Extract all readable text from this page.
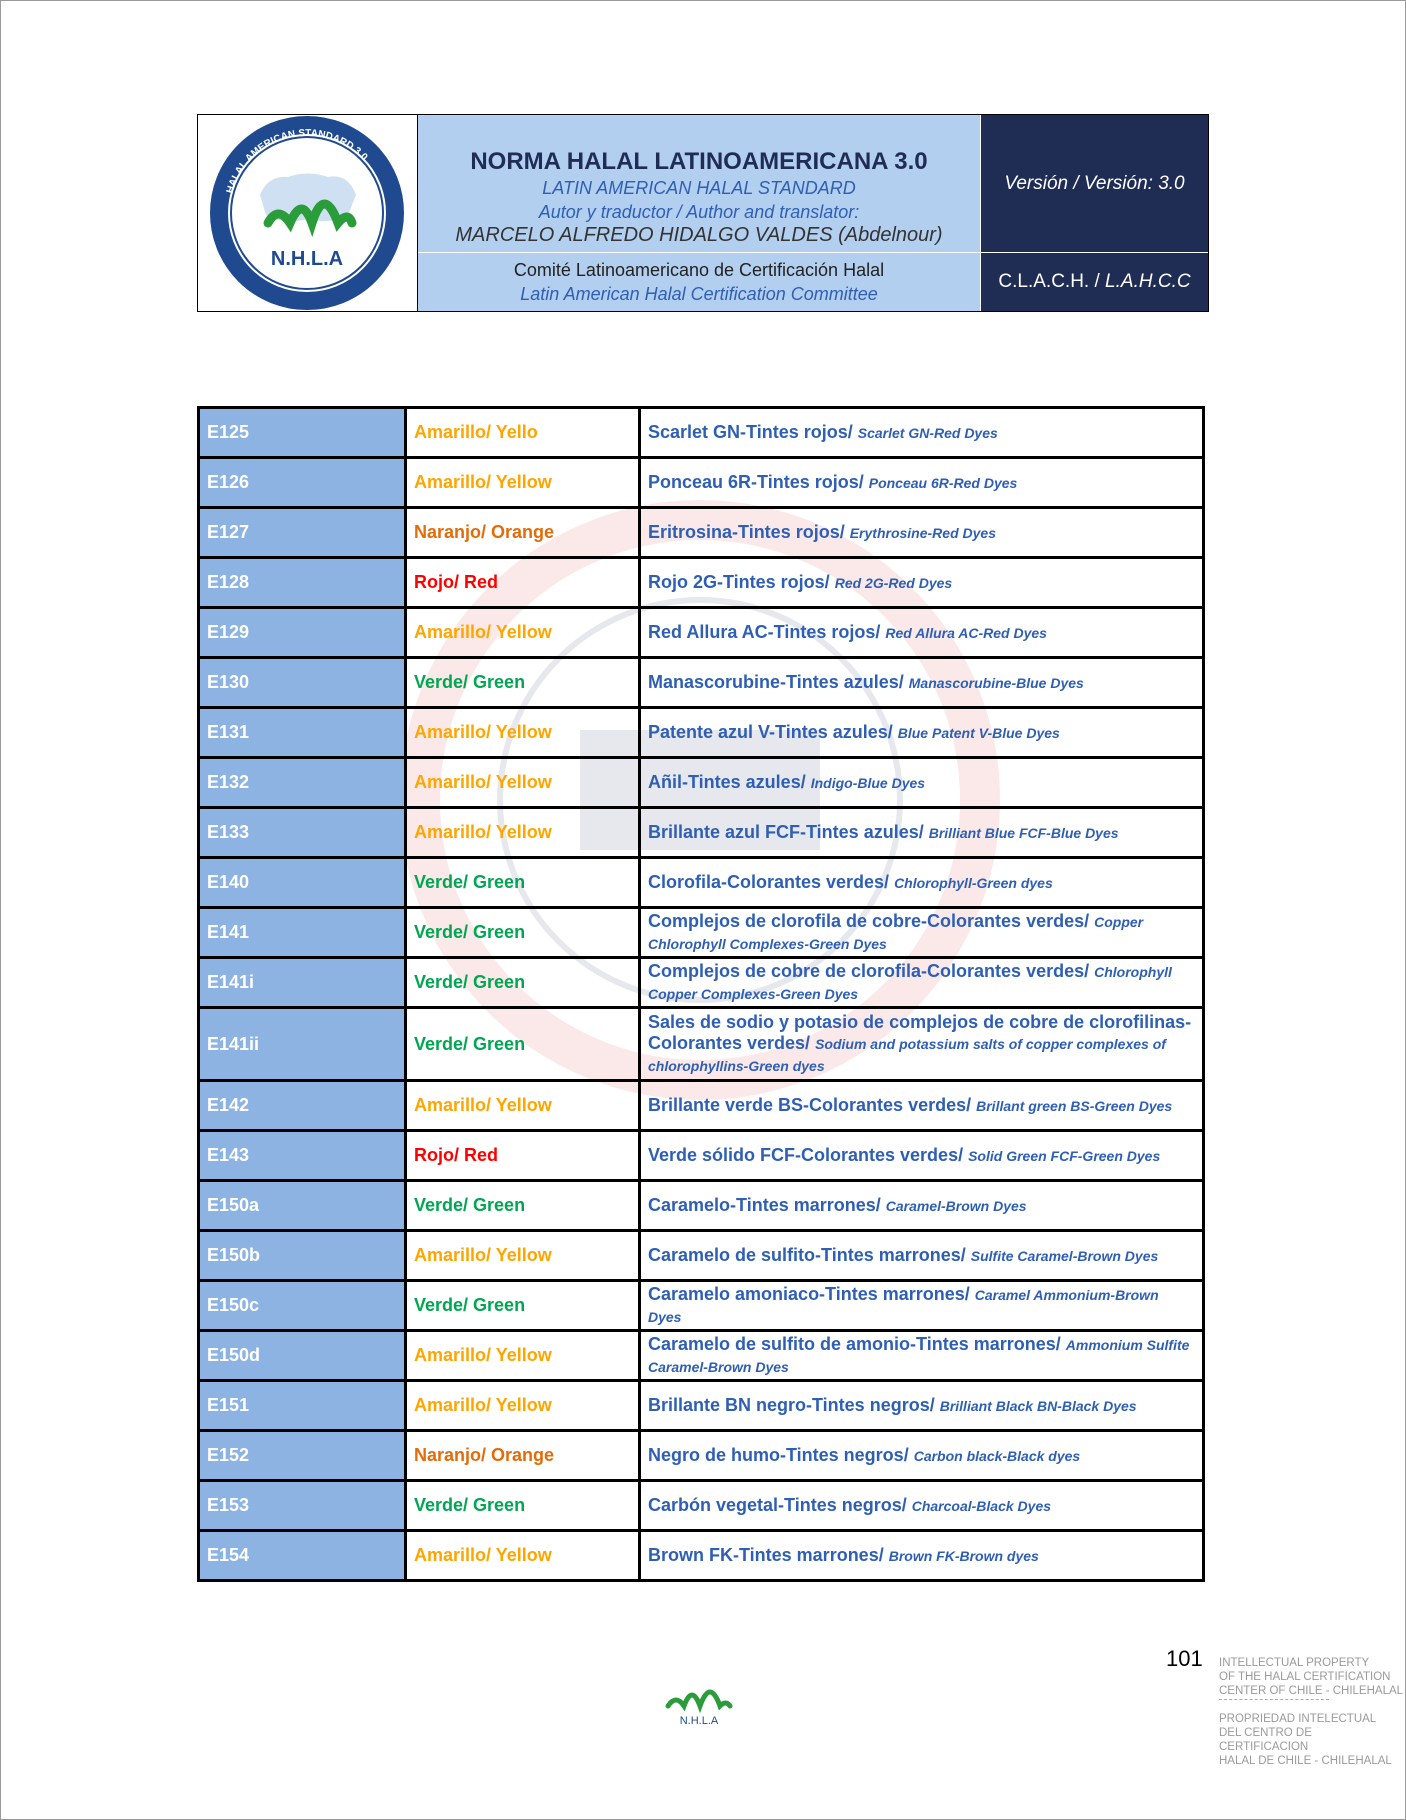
HALAL AMERICAN STANDARD 3.0
www.comitehalal.com
N.H.L.A
NORMA HALAL LATINOAMERICANA 3.0
LATIN AMERICAN HALAL STANDARD
Autor y traductor / Author and translator:
MARCELO ALFREDO HIDALGO VALDES (Abdelnour)
Comité Latinoamericano de Certificación Halal
Latin American Halal Certification Committee
Versión / Versión: 3.0
C.L.A.C.H. / L.A.H.C.C
E125	Amarillo/ Yello	Scarlet GN-Tintes rojos/ Scarlet GN-Red Dyes
E126	Amarillo/ Yellow	Ponceau 6R-Tintes rojos/ Ponceau 6R-Red Dyes
E127	Naranjo/ Orange	Eritrosina-Tintes rojos/ Erythrosine-Red Dyes
E128	Rojo/ Red	Rojo 2G-Tintes rojos/ Red 2G-Red Dyes
E129	Amarillo/ Yellow	Red Allura AC-Tintes rojos/ Red Allura AC-Red Dyes
E130	Verde/ Green	Manascorubine-Tintes azules/ Manascorubine-Blue Dyes
E131	Amarillo/ Yellow	Patente azul V-Tintes azules/ Blue Patent V-Blue Dyes
E132	Amarillo/ Yellow	Añil-Tintes azules/ Indigo-Blue Dyes
E133	Amarillo/ Yellow	Brillante azul FCF-Tintes azules/ Brilliant Blue FCF-Blue Dyes
E140	Verde/ Green	Clorofila-Colorantes verdes/ Chlorophyll-Green dyes
E141	Verde/ Green	Complejos de clorofila de cobre-Colorantes verdes/ Copper Chlorophyll Complexes-Green Dyes
E141i	Verde/ Green	Complejos de cobre de clorofila-Colorantes verdes/ Chlorophyll Copper Complexes-Green Dyes
E141ii	Verde/ Green	Sales de sodio y potasio de complejos de cobre de clorofilinas-Colorantes verdes/ Sodium and potassium salts of copper complexes of chlorophyllins-Green dyes
E142	Amarillo/ Yellow	Brillante verde BS-Colorantes verdes/ Brillant green BS-Green Dyes
E143	Rojo/ Red	Verde sólido FCF-Colorantes verdes/ Solid Green FCF-Green Dyes
E150a	Verde/ Green	Caramelo-Tintes marrones/ Caramel-Brown Dyes
E150b	Amarillo/ Yellow	Caramelo de sulfito-Tintes marrones/ Sulfite Caramel-Brown Dyes
E150c	Verde/ Green	Caramelo amoniaco-Tintes marrones/ Caramel Ammonium-Brown Dyes
E150d	Amarillo/ Yellow	Caramelo de sulfito de amonio-Tintes marrones/ Ammonium Sulfite Caramel-Brown Dyes
E151	Amarillo/ Yellow	Brillante BN negro-Tintes negros/ Brilliant Black BN-Black Dyes
E152	Naranjo/ Orange	Negro de humo-Tintes negros/ Carbon black-Black dyes
E153	Verde/ Green	Carbón vegetal-Tintes negros/ Charcoal-Black Dyes
E154	Amarillo/ Yellow	Brown FK-Tintes marrones/ Brown FK-Brown dyes
101
N.H.L.A
INTELLECTUAL PROPERTY
OF THE HALAL CERTIFICATION
CENTER OF CHILE - CHILEHALAL
PROPRIEDAD INTELECTUAL
DEL CENTRO DE CERTIFICACION
HALAL DE CHILE - CHILEHALAL
